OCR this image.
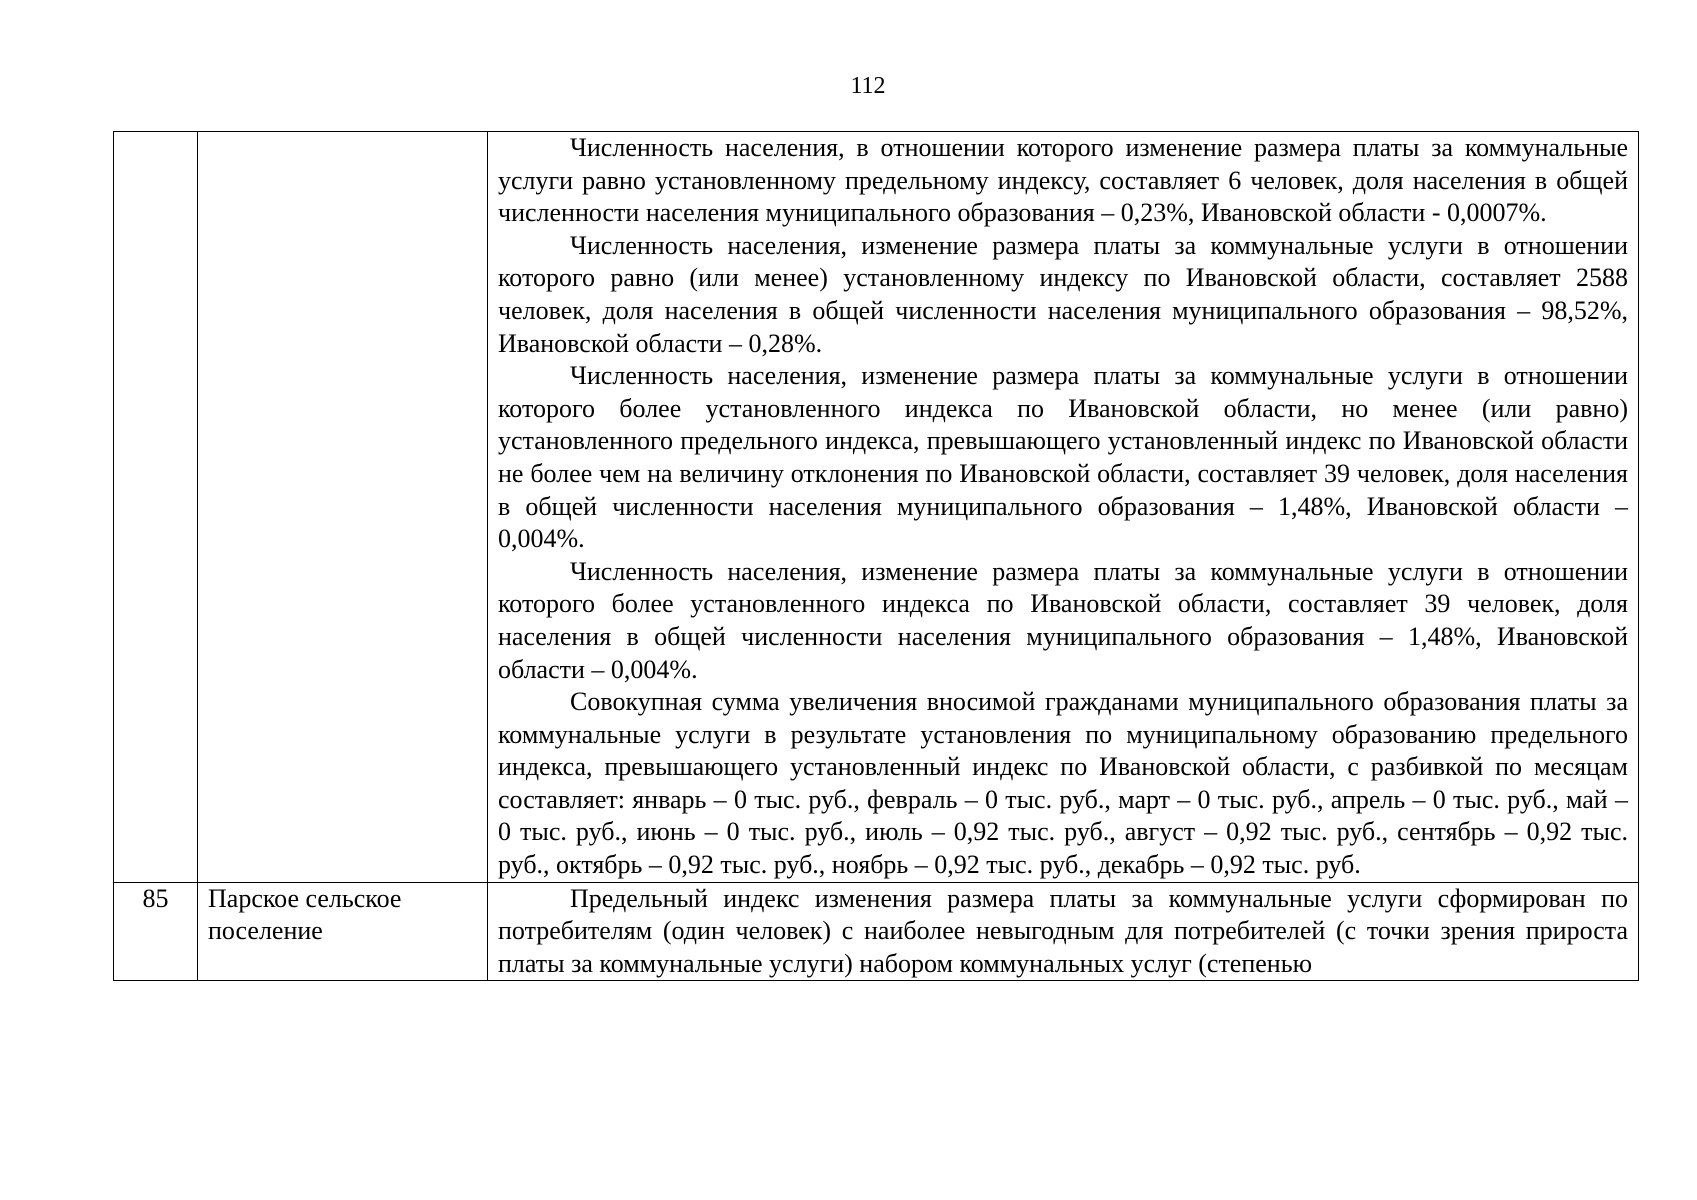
112

		Численность населения, в отношении которого изменение размера платы за коммунальные услуги равно установленному предельному индексу, составляет 6 человек, доля населения в общей численности населения муниципального образования – 0,23%, Ивановской области - 0,0007%.

Численность населения, изменение размера платы за коммунальные услуги в отношении которого равно (или менее) установленному индексу по Ивановской области, составляет 2588 человек, доля населения в общей численности населения муниципального образования – 98,52%, Ивановской области – 0,28%.

Численность населения, изменение размера платы за коммунальные услуги в отношении которого более установленного индекса по Ивановской области, но менее (или равно) установленного предельного индекса, превышающего установленный индекс по Ивановской области не более чем на величину отклонения по Ивановской области, составляет 39 человек, доля населения в общей численности населения муниципального образования – 1,48%, Ивановской области – 0,004%.

Численность населения, изменение размера платы за коммунальные услуги в отношении которого более установленного индекса по Ивановской области, составляет 39 человек, доля населения в общей численности населения муниципального образования – 1,48%, Ивановской области – 0,004%.

Совокупная сумма увеличения вносимой гражданами муниципального образования платы за коммунальные услуги в результате установления по муниципальному образованию предельного индекса, превышающего установленный индекс по Ивановской области, с разбивкой по месяцам составляет: январь – 0 тыс. руб., февраль – 0 тыс. руб., март – 0 тыс. руб., апрель – 0 тыс. руб., май – 0 тыс. руб., июнь – 0 тыс. руб., июль – 0,92 тыс. руб., август – 0,92 тыс. руб., сентябрь – 0,92 тыс. руб., октябрь – 0,92 тыс. руб., ноябрь – 0,92 тыс. руб., декабрь – 0,92 тыс. руб.

85	Парское сельское поселение	Предельный индекс изменения размера платы за коммунальные услуги сформирован по потребителям (один человек) с наиболее невыгодным для потребителей (с точки зрения прироста платы за коммунальные услуги) набором коммунальных услуг (степенью
